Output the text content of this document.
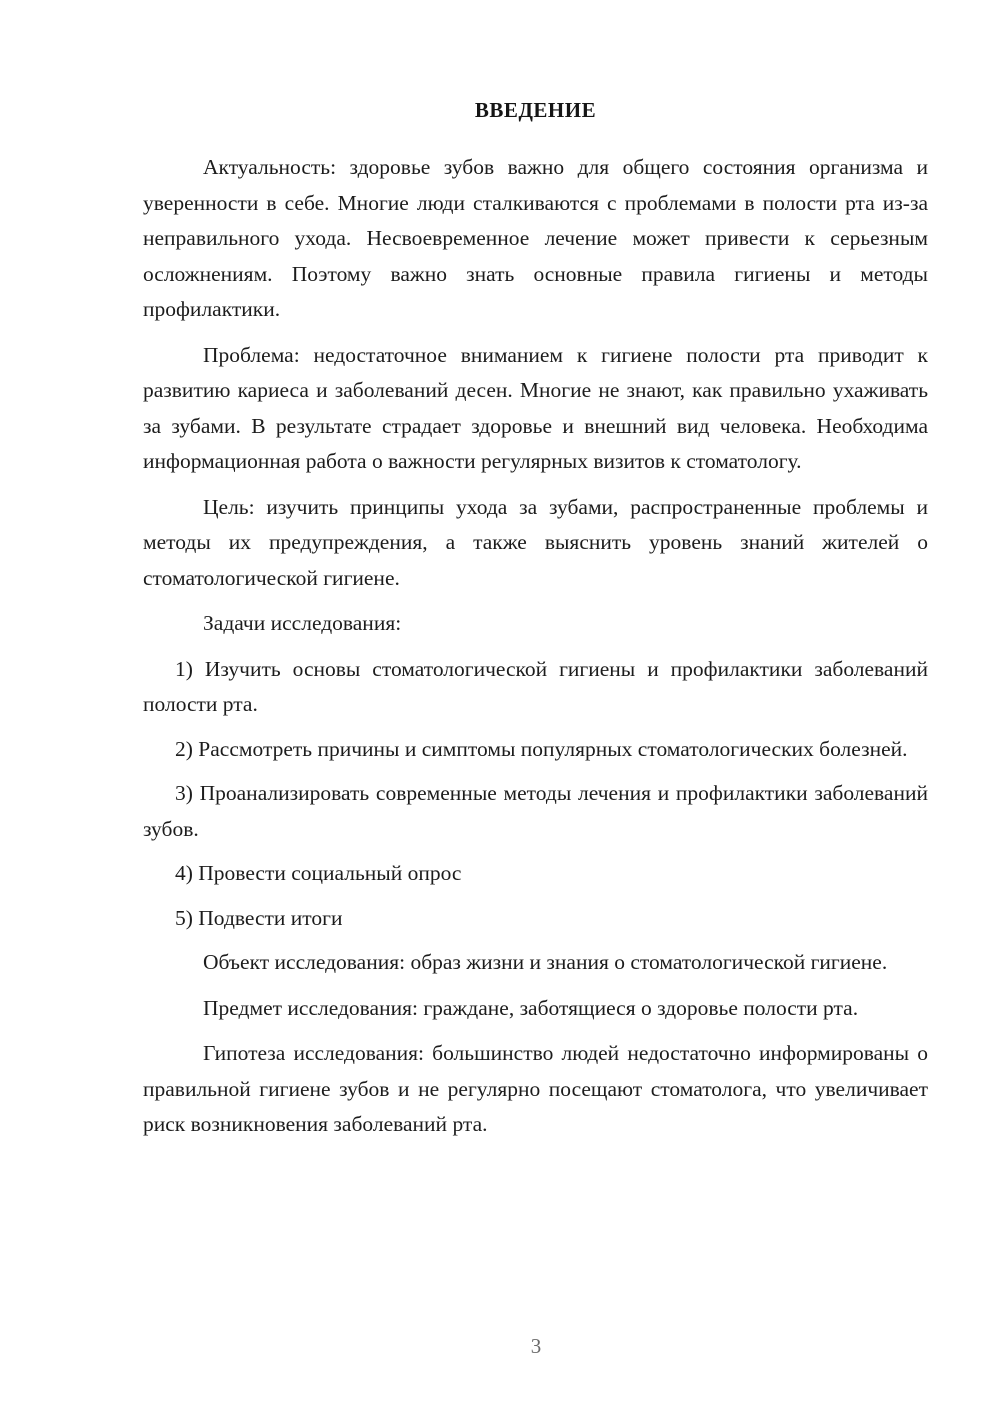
ВВЕДЕНИЕ

Актуальность: здоровье зубов важно для общего состояния организма и уверенности в себе. Многие люди сталкиваются с проблемами в полости рта из-за неправильного ухода. Несвоевременное лечение может привести к серьезным осложнениям. Поэтому важно знать основные правила гигиены и методы профилактики.

Проблема: недостаточное вниманием к гигиене полости рта приводит к развитию кариеса и заболеваний десен. Многие не знают, как правильно ухаживать за зубами. В результате страдает здоровье и внешний вид человека. Необходима информационная работа о важности регулярных визитов к стоматологу.

Цель: изучить принципы ухода за зубами, распространенные проблемы и методы их предупреждения, а также выяснить уровень знаний жителей о стоматологической гигиене.

Задачи исследования:

1) Изучить основы стоматологической гигиены и профилактики заболеваний полости рта.

2) Рассмотреть причины и симптомы популярных стоматологических болезней.

3) Проанализировать современные методы лечения и профилактики заболеваний зубов.

4) Провести социальный опрос

5) Подвести итоги

Объект исследования: образ жизни и знания о стоматологической гигиене.

Предмет исследования: граждане, заботящиеся о здоровье полости рта.

Гипотеза исследования: большинство людей недостаточно информированы о правильной гигиене зубов и не регулярно посещают стоматолога, что увеличивает риск возникновения заболеваний рта.

3
